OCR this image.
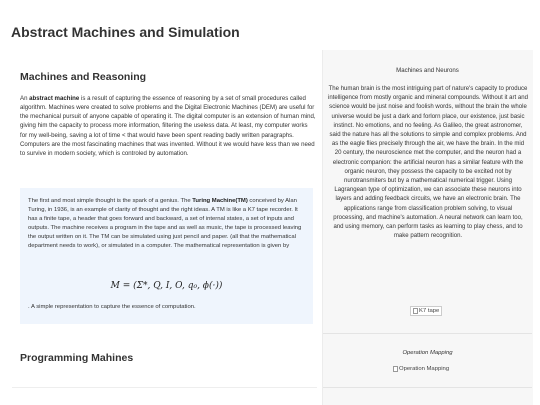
Abstract Machines and Simulation
Machines and Reasoning

An abstract machine is a result of capturing the essence of reasoning by a set of small procedures called algorithm. Machines were created to solve problems and the Digital Electronic Machines (DEM) are useful for the mechanical pursuit of anyone capable of operating it. The digital computer is an extension of human mind, giving him the capacity to process more information, filtering the useless data. At least, my computer works for my well-being, saving a lot of time < that would have been spent reading badly written paragraphs. Computers are the most fascinating machines that was invented. Without it we would have less than we need to survive in modern society, which is controled by automation.

The first and most simple thought is the spark of a genius. The Turing Machine(TM) conceived by Alan Turing, in 1936, is an example of clarity of thought and the right ideas. A TM is like a K7 tape recorder. It has a finite tape, a header that goes forward and backward, a set of internal states, a set of inputs and outputs. The machine receives a program in the tape and as well as music, the tape is processed leaving the output written on it. The TM can be simulated using just pencil and paper. (all that the mathematical department needs to work), or simulated in a computer. The mathematical representation is given by

M = (Σ*, Q, I, O, q₀, ϕ(·))

. A simple representation to capture the essence of computation.

Programming Mahines

Machines and Neurons

The human brain is the most intriguing part of nature's capacity to produce intelligence from mostly organic and mineral compounds. Without it art and science would be just noise and foolish words, without the brain the whole universe would be just a dark and forlorn place, our existence, just basic instinct. No emotions, and no feeling. As Galileo, the great astronomer, said the nature has all the solutions to simple and complex problems. And as the eagle flies precisely through the air, we have the brain. In the mid 20 century, the neuroscience met the computer, and the neuron had a electronic companion: the artificial neuron has a similar feature with the organic neuron, they possess the capacity to be excited not by nurotransmiters but by a mathematical numerical trigger. Using Lagrangean type of optimization, we can associate these neurons into layers and adding feedback circuits, we have an electronic brain. The applications range from classification problem solving, to visual processing, and machine's automation. A neural network can learn too, and using memory, can perform tasks as learning to play chess, and to make pattern recognition.

K7 tape

Operation Mapping

Operation Mapping
